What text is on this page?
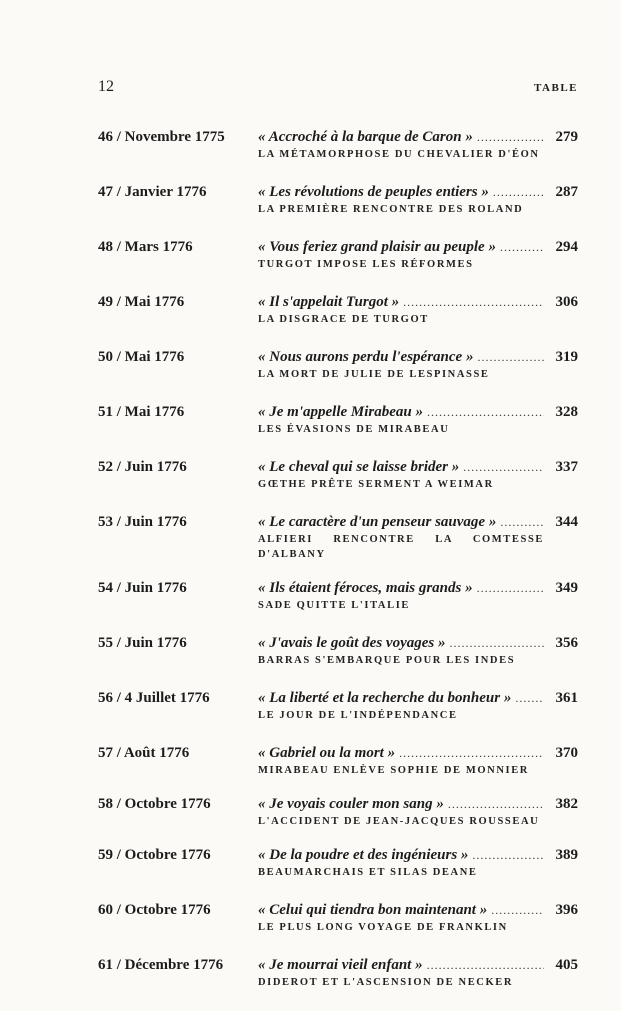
12	TABLE
46 / Novembre 1775	« Accroché à la barque de Caron » .....	279
LA MÉTAMORPHOSE DU CHEVALIER D'ÉON
47 / Janvier 1776	« Les révolutions de peuples entiers » .....	287
LA PREMIÈRE RENCONTRE DES ROLAND
48 / Mars 1776	« Vous feriez grand plaisir au peuple » .....	294
TURGOT IMPOSE LES RÉFORMES
49 / Mai 1776	« Il s'appelait Turgot » .....	306
LA DISGRACE DE TURGOT
50 / Mai 1776	« Nous aurons perdu l'espérance » .....	319
LA MORT DE JULIE DE LESPINASSE
51 / Mai 1776	« Je m'appelle Mirabeau » .....	328
LES ÉVASIONS DE MIRABEAU
52 / Juin 1776	« Le cheval qui se laisse brider » .....	337
GŒTHE PRÊTE SERMENT A WEIMAR
53 / Juin 1776	« Le caractère d'un penseur sauvage » .....	344
ALFIERI RENCONTRE LA COMTESSE D'ALBANY
54 / Juin 1776	« Ils étaient féroces, mais grands » .....	349
SADE QUITTE L'ITALIE
55 / Juin 1776	« J'avais le goût des voyages » .....	356
BARRAS S'EMBARQUE POUR LES INDES
56 / 4 Juillet 1776	« La liberté et la recherche du bonheur » .....	361
LE JOUR DE L'INDÉPENDANCE
57 / Août 1776	« Gabriel ou la mort » .....	370
MIRABEAU ENLÈVE SOPHIE DE MONNIER
58 / Octobre 1776	« Je voyais couler mon sang » .....	382
L'ACCIDENT DE JEAN-JACQUES ROUSSEAU
59 / Octobre 1776	« De la poudre et des ingénieurs » .....	389
BEAUMARCHAIS ET SILAS DEANE
60 / Octobre 1776	« Celui qui tiendra bon maintenant » .....	396
LE PLUS LONG VOYAGE DE FRANKLIN
61 / Décembre 1776	« Je mourrai vieil enfant » .....	405
DIDEROT ET L'ASCENSION DE NECKER
